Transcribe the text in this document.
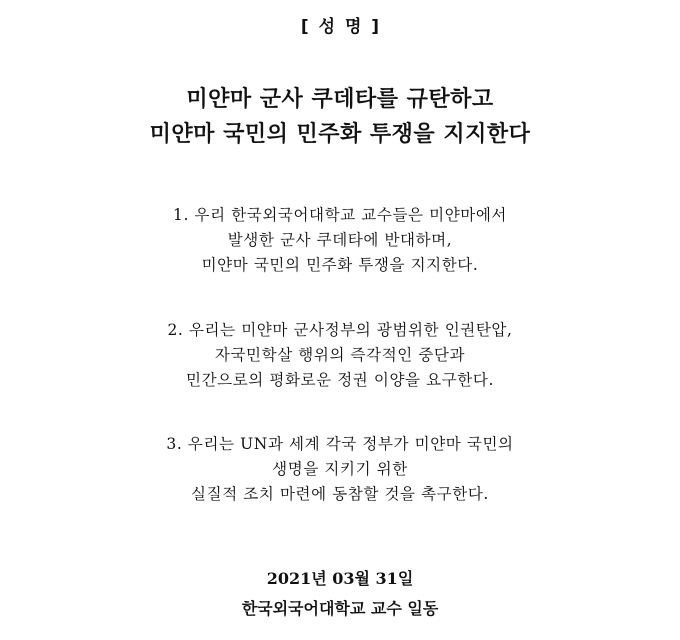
[ 성 명 ]
미얀마 군사 쿠데타를 규탄하고
미얀마 국민의 민주화 투쟁을 지지한다
1. 우리 한국외국어대학교 교수들은 미얀마에서
발생한 군사 쿠데타에 반대하며,
미얀마 국민의 민주화 투쟁을 지지한다.
2. 우리는 미얀마 군사정부의 광범위한 인권탄압,
자국민학살 행위의 즉각적인 중단과
민간으로의 평화로운 정권 이양을 요구한다.
3. 우리는 UN과 세계 각국 정부가 미얀마 국민의
생명을 지키기 위한
실질적 조치 마련에 동참할 것을 촉구한다.
2021년 03월 31일
한국외국어대학교 교수 일동
